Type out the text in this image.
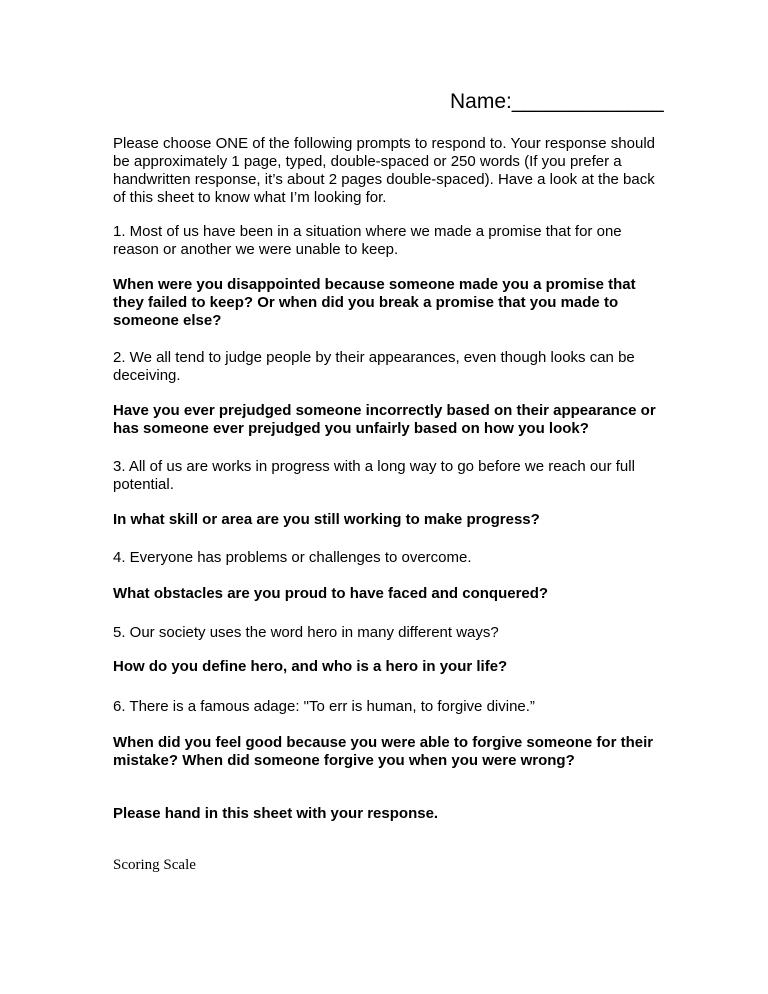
Name:_____________
Please choose ONE of the following prompts to respond to. Your response should be approximately 1 page, typed, double-spaced or 250 words (If you prefer a handwritten response, it’s about 2 pages double-spaced). Have a look at the back of this sheet to know what I’m looking for.
1. Most of us have been in a situation where we made a promise that for one reason or another we were unable to keep.
When were you disappointed because someone made you a promise that they failed to keep? Or when did you break a promise that you made to someone else?
2. We all tend to judge people by their appearances, even though looks can be deceiving.
Have you ever prejudged someone incorrectly based on their appearance or has someone ever prejudged you unfairly based on how you look?
3. All of us are works in progress with a long way to go before we reach our full potential.
In what skill or area are you still working to make progress?
4. Everyone has problems or challenges to overcome.
What obstacles are you proud to have faced and conquered?
5. Our society uses the word hero in many different ways?
How do you define hero, and who is a hero in your life?
6. There is a famous adage: "To err is human, to forgive divine.”
When did you feel good because you were able to forgive someone for their mistake? When did someone forgive you when you were wrong?
Please hand in this sheet with your response.
Scoring Scale
